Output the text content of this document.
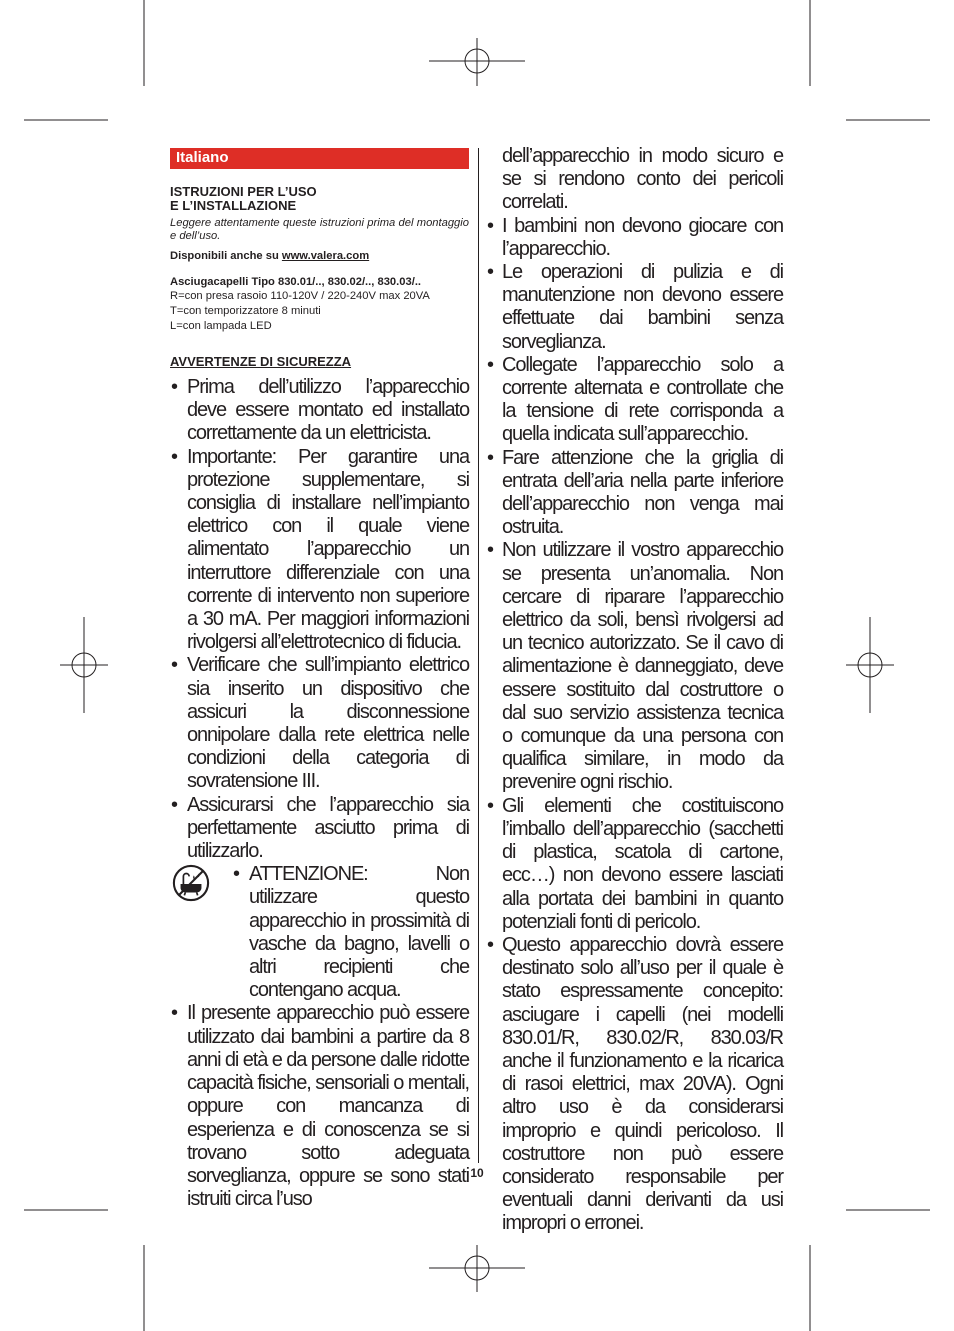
Italiano
ISTRUZIONI PER L’USO
E L’INSTALLAZIONE
Leggere attentamente queste istruzioni prima del montaggio e dell’uso.
Disponibili anche su www.valera.com
Asciugacapelli Tipo 830.01/.., 830.02/.., 830.03/..
R=con presa rasoio 110-120V / 220-240V max 20VA
T=con temporizzatore 8 minuti
L=con lampada LED
AVVERTENZE DI SICUREZZA
• Prima dell’utilizzo l’apparecchio deve essere montato ed installato correttamente da un elettricista.
• Importante: Per garantire una protezione supplementare, si consiglia di installare nell’impianto elettrico con il quale viene alimentato l’apparecchio un interruttore differenziale con una corrente di intervento non superiore a 30 mA. Per maggiori informazioni rivolgersi all’elettrotecnico di fiducia.
• Verificare che sull’impianto elettrico sia inserito un dispositivo che assicuri la disconnessione onnipolare dalla rete elettrica nelle condizioni della categoria di sovratensione III.
• Assicurarsi che l’apparecchio sia perfettamente asciutto prima di utilizzarlo.
• ATTENZIONE: Non utilizzare questo apparecchio in prossimità di vasche da bagno, lavelli o altri recipienti che contengano acqua.
• Il presente apparecchio può essere utilizzato dai bambini a partire da 8 anni di età e da persone dalle ridotte capacità fisiche, sensoriali o mentali, oppure con mancanza di esperienza e di conoscenza se si trovano sotto adeguata sorveglianza, oppure se sono stati istruiti circa l’uso

dell’apparecchio in modo sicuro e se si rendono conto dei pericoli correlati.

• I bambini non devono giocare con l’apparecchio.
• Le operazioni di pulizia e di manutenzione non devono essere effettuate dai bambini senza sorveglianza.
• Collegate l’apparecchio solo a corrente alternata e controllate che la tensione di rete corrisponda a quella indicata sull’apparecchio.
• Fare attenzione che la griglia di entrata dell’aria nella parte inferiore dell’apparecchio non venga mai ostruita.
• Non utilizzare il vostro apparecchio se presenta un’anomalia. Non cercare di riparare l’apparecchio elettrico da soli, bensì rivolgersi ad un tecnico autorizzato. Se il cavo di alimentazione è danneggiato, deve essere sostituito dal costruttore o dal suo servizio assistenza tecnica o comunque da una persona con qualifica similare, in modo da prevenire ogni rischio.
• Gli elementi che costituiscono l’imballo dell’apparecchio (sacchetti di plastica, scatola di cartone, ecc…) non devono essere lasciati alla portata dei bambini in quanto potenziali fonti di pericolo.
• Questo apparecchio dovrà essere destinato solo all’uso per il quale è stato espressamente concepito: asciugare i capelli (nei modelli 830.01/R, 830.02/R, 830.03/R anche il funzionamento e la ricarica di rasoi elettrici, max 20VA). Ogni altro uso è da considerarsi improprio e quindi pericoloso. Il costruttore non può essere considerato responsabile per eventuali danni derivanti da usi impropri o erronei.
10
